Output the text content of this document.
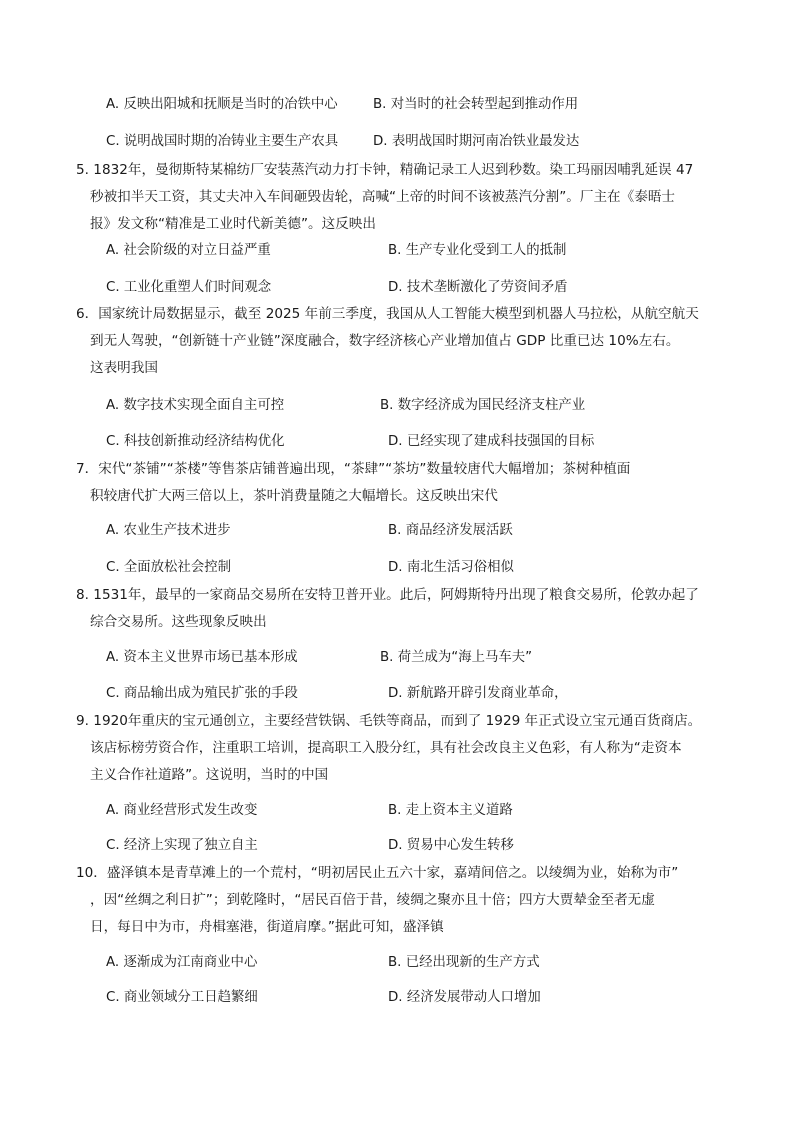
A. 反映出阳城和抚顺是当时的冶铁中心	B. 对当时的社会转型起到推动作用
C. 说明战国时期的冶铸业主要生产农具	D. 表明战国时期河南冶铁业最发达
5. 1832年，曼彻斯特某棉纺厂安装蒸汽动力打卡钟，精确记录工人迟到秒数。染工玛丽因哺乳延误 47
秒被扣半天工资，其丈夫冲入车间砸毁齿轮，高喊“上帝的时间不该被蒸汽分割”。厂主在《泰晤士
报》发文称“精准是工业时代新美德”。这反映出
A. 社会阶级的对立日益严重	B. 生产专业化受到工人的抵制
C. 工业化重塑人们时间观念	D. 技术垄断激化了劳资间矛盾
6．国家统计局数据显示，截至 2025 年前三季度，我国从人工智能大模型到机器人马拉松，从航空航天
到无人驾驶，“创新链十产业链”深度融合，数字经济核心产业增加值占 GDP 比重已达 10%左右。
这表明我国
A. 数字技术实现全面自主可控	B. 数字经济成为国民经济支柱产业
C. 科技创新推动经济结构优化	D. 已经实现了建成科技强国的目标
7．宋代“茶铺”“茶楼”等售茶店铺普遍出现，“茶肆”“茶坊”数量较唐代大幅增加；茶树种植面
积较唐代扩大两三倍以上，茶叶消费量随之大幅增长。这反映出宋代
A. 农业生产技术进步	B. 商品经济发展活跃
C. 全面放松社会控制	D. 南北生活习俗相似
8. 1531年，最早的一家商品交易所在安特卫普开业。此后，阿姆斯特丹出现了粮食交易所，伦敦办起了
综合交易所。这些现象反映出
A. 资本主义世界市场已基本形成	B. 荷兰成为“海上马车夫”
C. 商品输出成为殖民扩张的手段	D. 新航路开辟引发商业革命，
9. 1920年重庆的宝元通创立，主要经营铁锅、毛铁等商品，而到了 1929 年正式设立宝元通百货商店。
该店标榜劳资合作，注重职工培训，提高职工入股分红，具有社会改良主义色彩，有人称为“走资本
主义合作社道路”。这说明，当时的中国
A. 商业经营形式发生改变	B. 走上资本主义道路
C. 经济上实现了独立自主	D. 贸易中心发生转移
10．盛泽镇本是青草滩上的一个荒村，“明初居民止五六十家，嘉靖间倍之。以绫绸为业，始称为市”
，因“丝绸之利日扩”；到乾隆时，“居民百倍于昔，绫绸之聚亦且十倍；四方大贾辇金至者无虚
日，每日中为市，舟楫塞港，街道肩摩。”据此可知，盛泽镇
A. 逐渐成为江南商业中心	B. 已经出现新的生产方式
C. 商业领域分工日趋繁细	D. 经济发展带动人口增加
